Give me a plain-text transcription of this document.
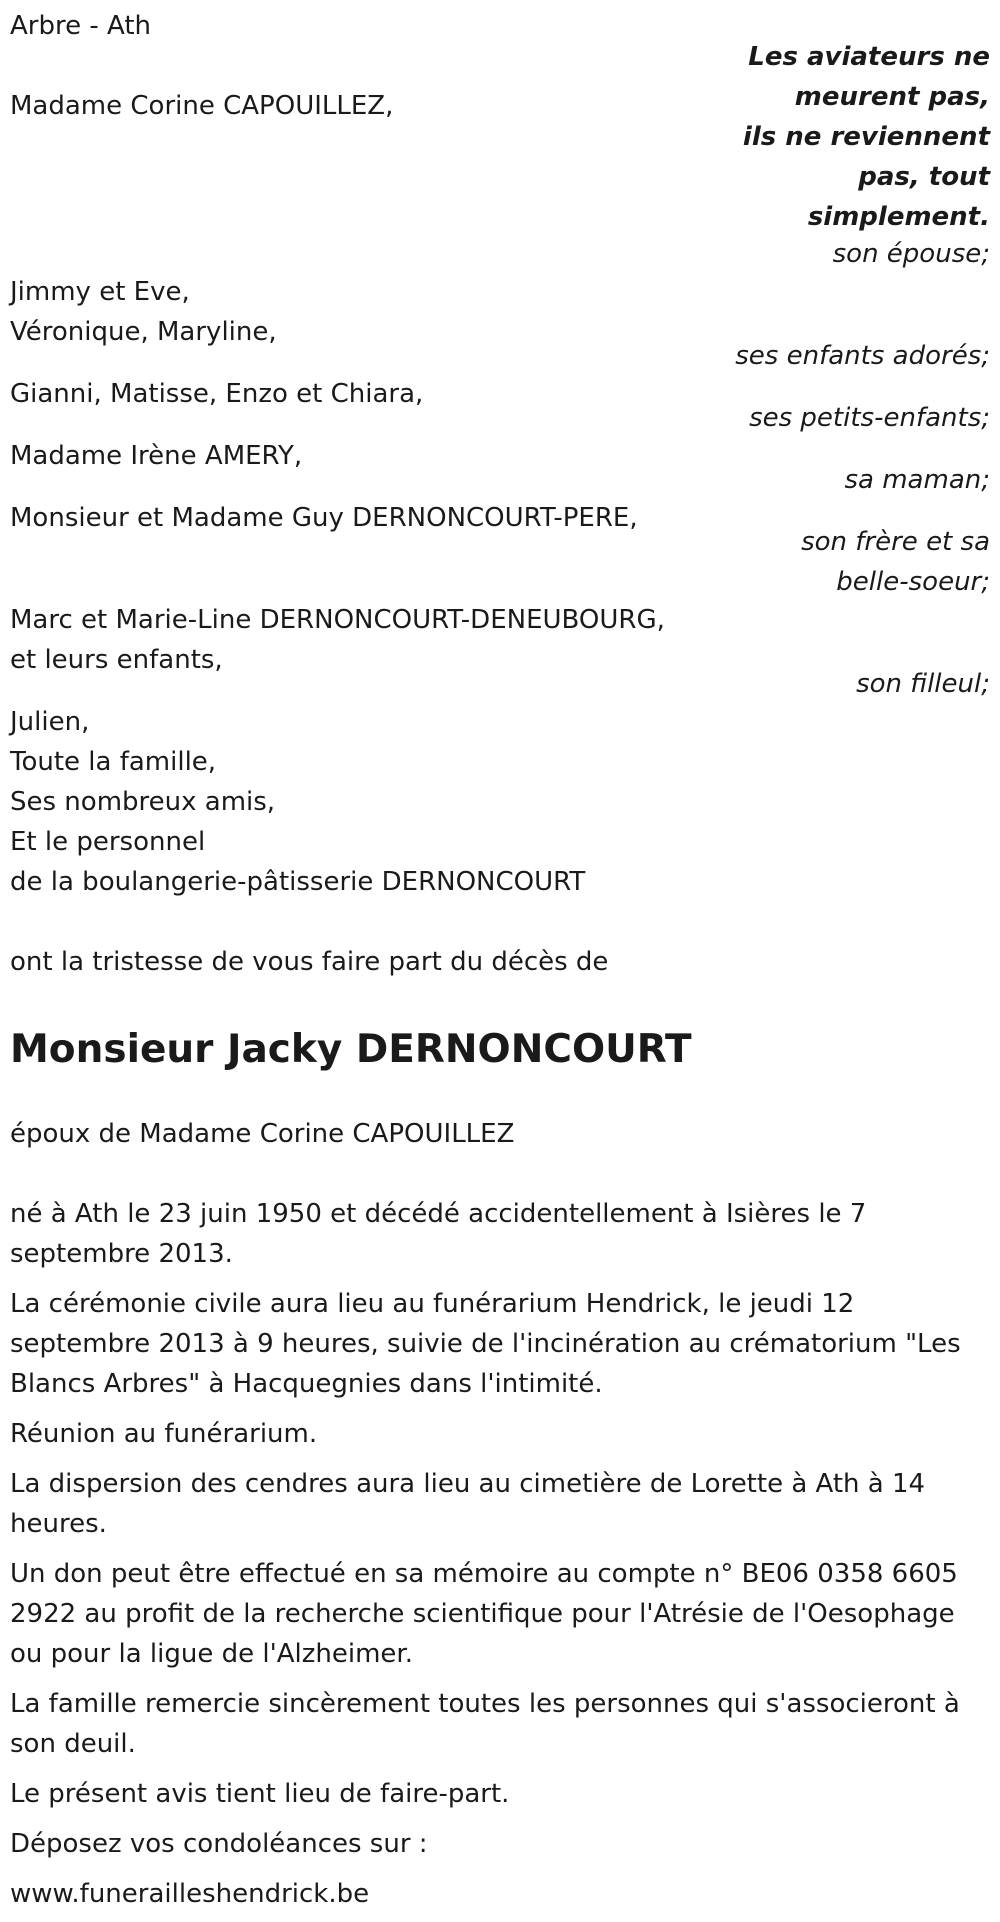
Arbre - Ath
Les aviateurs ne
meurent pas,
ils ne reviennent
pas, tout
simplement.
Madame Corine CAPOUILLEZ,
son épouse;
Jimmy et Eve,
Véronique, Maryline,
ses enfants adorés;
Gianni, Matisse, Enzo et Chiara,
ses petits-enfants;
Madame Irène AMERY,
sa maman;
Monsieur et Madame Guy DERNONCOURT-PERE,
son frère et sa
belle-soeur;
Marc et Marie-Line DERNONCOURT-DENEUBOURG,
et leurs enfants,
son filleul;
Julien,
Toute la famille,
Ses nombreux amis,
Et le personnel
de la boulangerie-pâtisserie DERNONCOURT
ont la tristesse de vous faire part du décès de
Monsieur Jacky DERNONCOURT
époux de Madame Corine CAPOUILLEZ
né à Ath le 23 juin 1950 et décédé accidentellement à Isières le 7 septembre 2013.
La cérémonie civile aura lieu au funérarium Hendrick, le jeudi 12 septembre 2013 à 9 heures, suivie de l'incinération au crématorium "Les Blancs Arbres" à Hacquegnies dans l'intimité.
Réunion au funérarium.
La dispersion des cendres aura lieu au cimetière de Lorette à Ath à 14 heures.
Un don peut être effectué en sa mémoire au compte n° BE06 0358 6605 2922 au profit de la recherche scientifique pour l'Atrésie de l'Oesophage ou pour la ligue de l'Alzheimer.
La famille remercie sincèrement toutes les personnes qui s'associeront à son deuil.
Le présent avis tient lieu de faire-part.
Déposez vos condoléances sur :
www.funerailleshendrick.be
